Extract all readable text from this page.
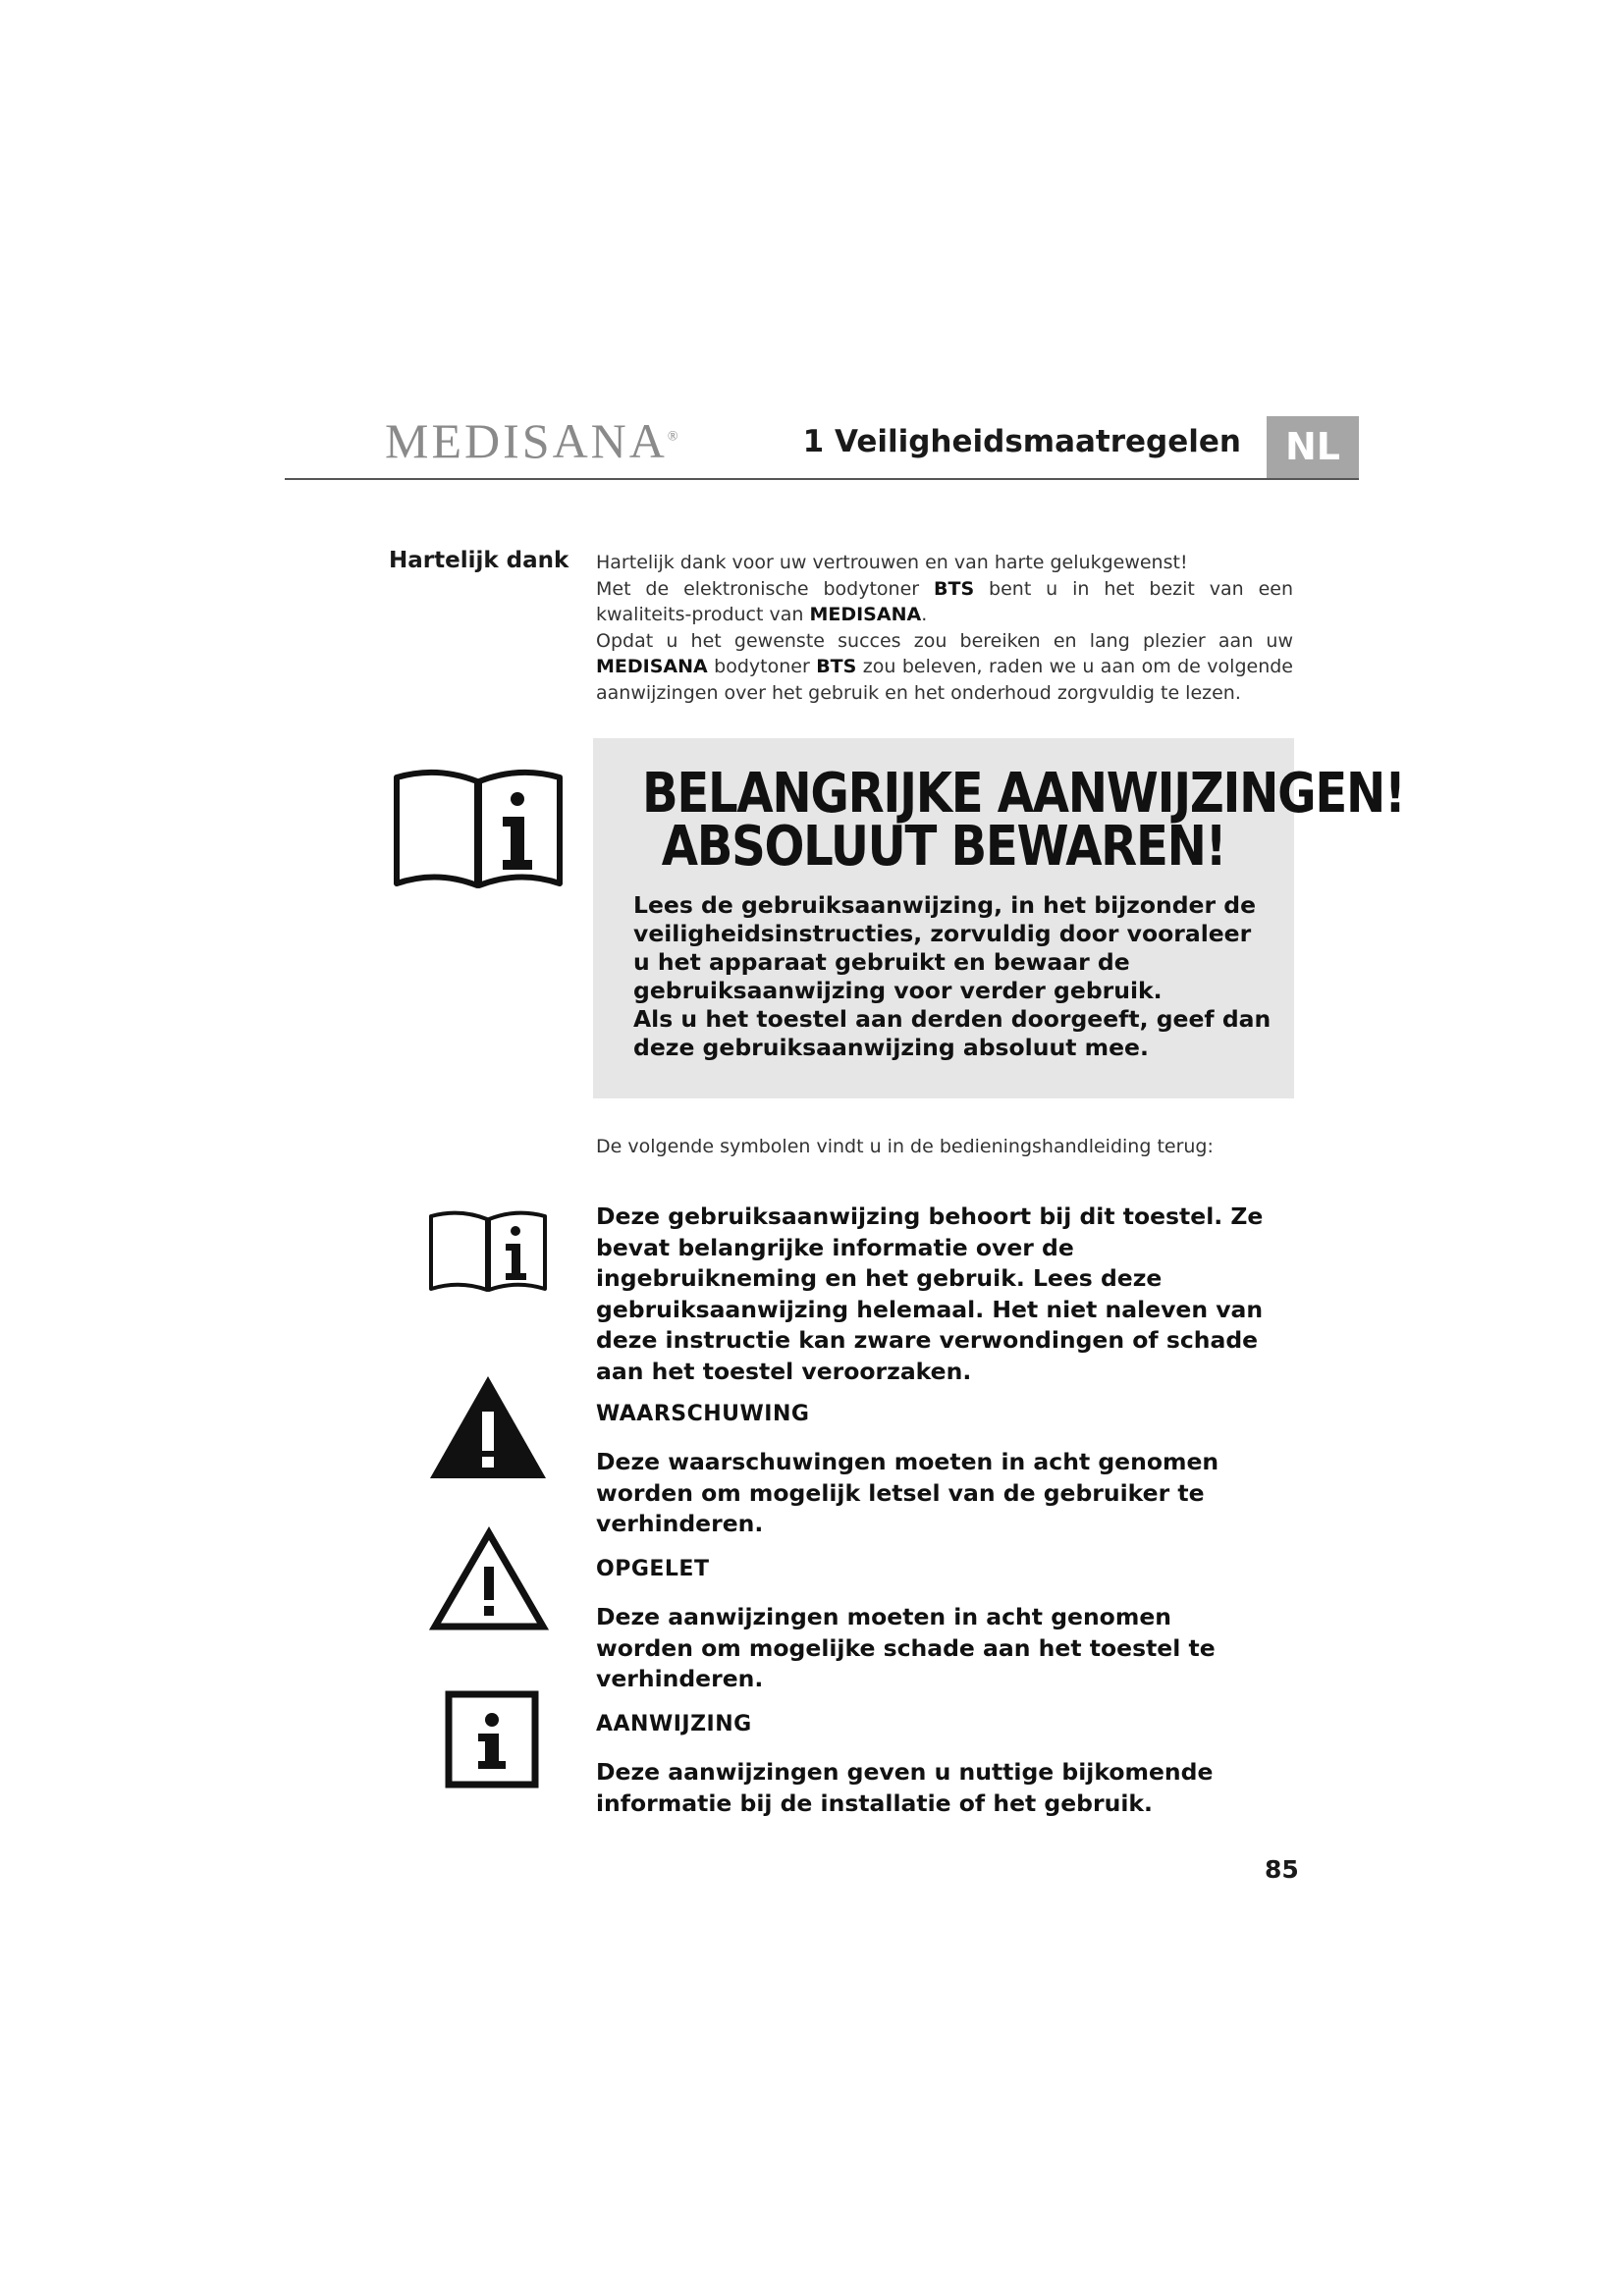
MEDISANA®	1 Veiligheidsmaatregelen	NL
Hartelijk dank Hartelijk dank voor uw vertrouwen en van harte gelukgewenst!

Met de elektronische bodytoner BTS bent u in het bezit van een kwaliteits-product van MEDISANA.

Opdat u het gewenste succes zou bereiken en lang plezier aan uw MEDISANA bodytoner BTS zou beleven, raden we u aan om de volgende aanwijzingen over het gebruik en het onderhoud zorgvuldig te lezen.

BELANGRIJKE AANWIJZINGEN!
ABSOLUUT BEWAREN!

Lees de gebruiksaanwijzing, in het bijzonder de veiligheidsinstructies, zorvuldig door vooraleer u het apparaat gebruikt en bewaar de gebruiksaanwijzing voor verder gebruik.

Als u het toestel aan derden doorgeeft, geef dan deze gebruiksaanwijzing absoluut mee.

De volgende symbolen vindt u in de bedieningshandleiding terug:
Deze gebruiksaanwijzing behoort bij dit toestel. Ze bevat belangrijke informatie over de ingebruikneming en het gebruik. Lees deze gebruiksaanwijzing helemaal. Het niet naleven van deze instructie kan zware verwondingen of schade aan het toestel veroorzaken.
WAARSCHUWING
Deze waarschuwingen moeten in acht genomen worden om mogelijk letsel van de gebruiker te verhinderen.
OPGELET
Deze aanwijzingen moeten in acht genomen worden om mogelijke schade aan het toestel te verhinderen.
AANWIJZING
Deze aanwijzingen geven u nuttige bijkomende informatie bij de installatie of het gebruik.
85
